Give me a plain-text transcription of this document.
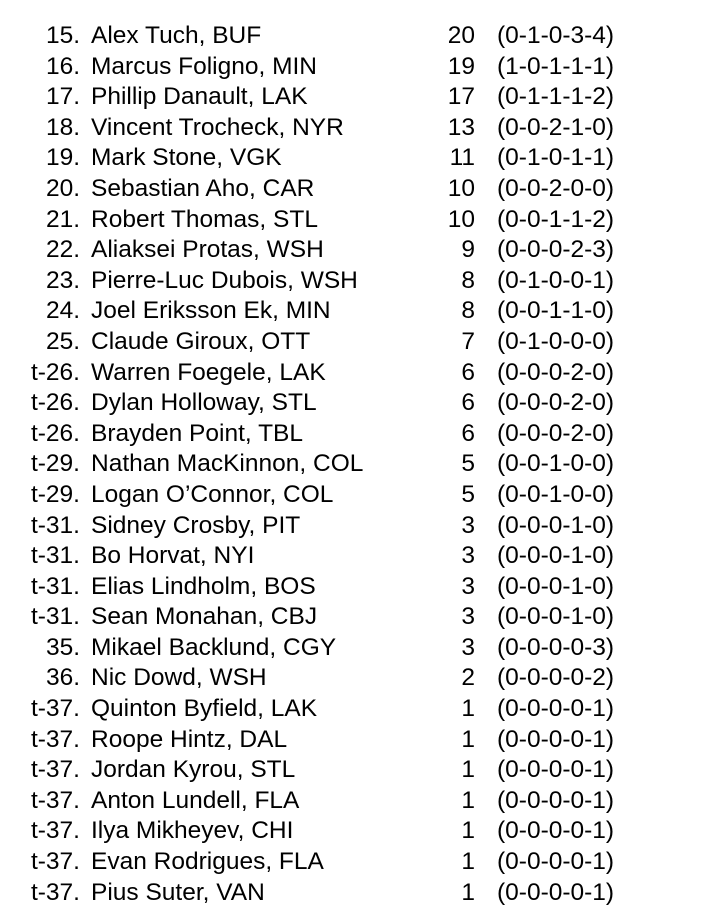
15. Alex Tuch, BUF	20 (0-1-0-3-4)
16. Marcus Foligno, MIN	19 (1-0-1-1-1)
17. Phillip Danault, LAK	17 (0-1-1-1-2)
18. Vincent Trocheck, NYR	13 (0-0-2-1-0)
19. Mark Stone, VGK	11 (0-1-0-1-1)
20. Sebastian Aho, CAR	10 (0-0-2-0-0)
21. Robert Thomas, STL	10 (0-0-1-1-2)
22. Aliaksei Protas, WSH	9 (0-0-0-2-3)
23. Pierre-Luc Dubois, WSH	8 (0-1-0-0-1)
24. Joel Eriksson Ek, MIN	8 (0-0-1-1-0)
25. Claude Giroux, OTT	7 (0-1-0-0-0)
t-26. Warren Foegele, LAK	6 (0-0-0-2-0)
t-26. Dylan Holloway, STL	6 (0-0-0-2-0)
t-26. Brayden Point, TBL	6 (0-0-0-2-0)
t-29. Nathan MacKinnon, COL	5 (0-0-1-0-0)
t-29. Logan O’Connor, COL	5 (0-0-1-0-0)
t-31. Sidney Crosby, PIT	3 (0-0-0-1-0)
t-31. Bo Horvat, NYI	3 (0-0-0-1-0)
t-31. Elias Lindholm, BOS	3 (0-0-0-1-0)
t-31. Sean Monahan, CBJ	3 (0-0-0-1-0)
35. Mikael Backlund, CGY	3 (0-0-0-0-3)
36. Nic Dowd, WSH	2 (0-0-0-0-2)
t-37. Quinton Byfield, LAK	1 (0-0-0-0-1)
t-37. Roope Hintz, DAL	1 (0-0-0-0-1)
t-37. Jordan Kyrou, STL	1 (0-0-0-0-1)
t-37. Anton Lundell, FLA	1 (0-0-0-0-1)
t-37. Ilya Mikheyev, CHI	1 (0-0-0-0-1)
t-37. Evan Rodrigues, FLA	1 (0-0-0-0-1)
t-37. Pius Suter, VAN	1 (0-0-0-0-1)
